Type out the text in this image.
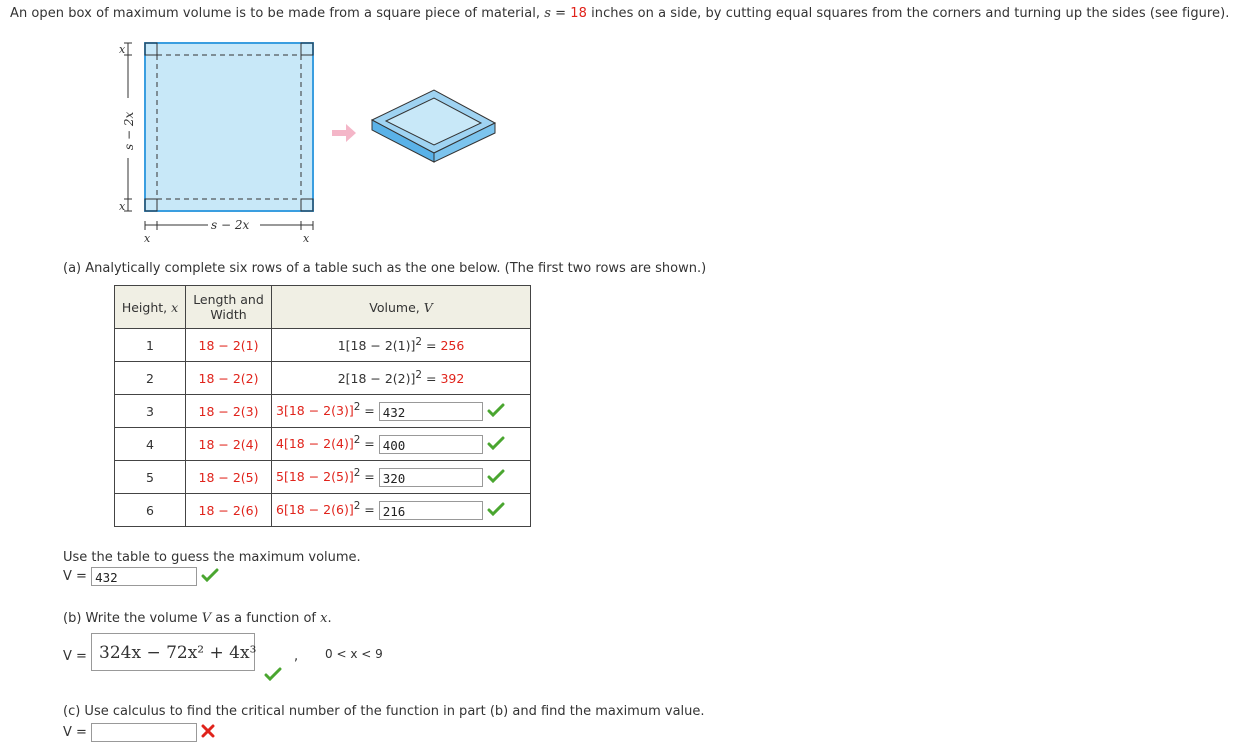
An open box of maximum volume is to be made from a square piece of material, s = 18 inches on a side, by cutting equal squares from the corners and turning up the sides (see figure).
x
x
s − 2x
s − 2x
x	x
(a) Analytically complete six rows of a table such as the one below. (The first two rows are shown.)
Height, x	Length and Width	Volume, V
1	18 − 2(1)	$1[18 - 2(1)]^2 = 256$
2	18 − 2(2)	$2[18 - 2(2)]^2 = 392$
3	18 − 2(3)	$3[18 - 2(3)]^2 = 432$
4	18 − 2(4)	$4[18 - 2(4)]^2 = 400$
5	18 − 2(5)	$5[18 - 2(5)]^2 = 320$
6	18 − 2(6)	$6[18 - 2(6)]^2 = 216$
Use the table to guess the maximum volume.
V = 432
(b) Write the volume V as a function of x.
V = 324x − 72x² + 4x³	, 0 < x < 9
(c) Use calculus to find the critical number of the function in part (b) and find the maximum value.
V =
